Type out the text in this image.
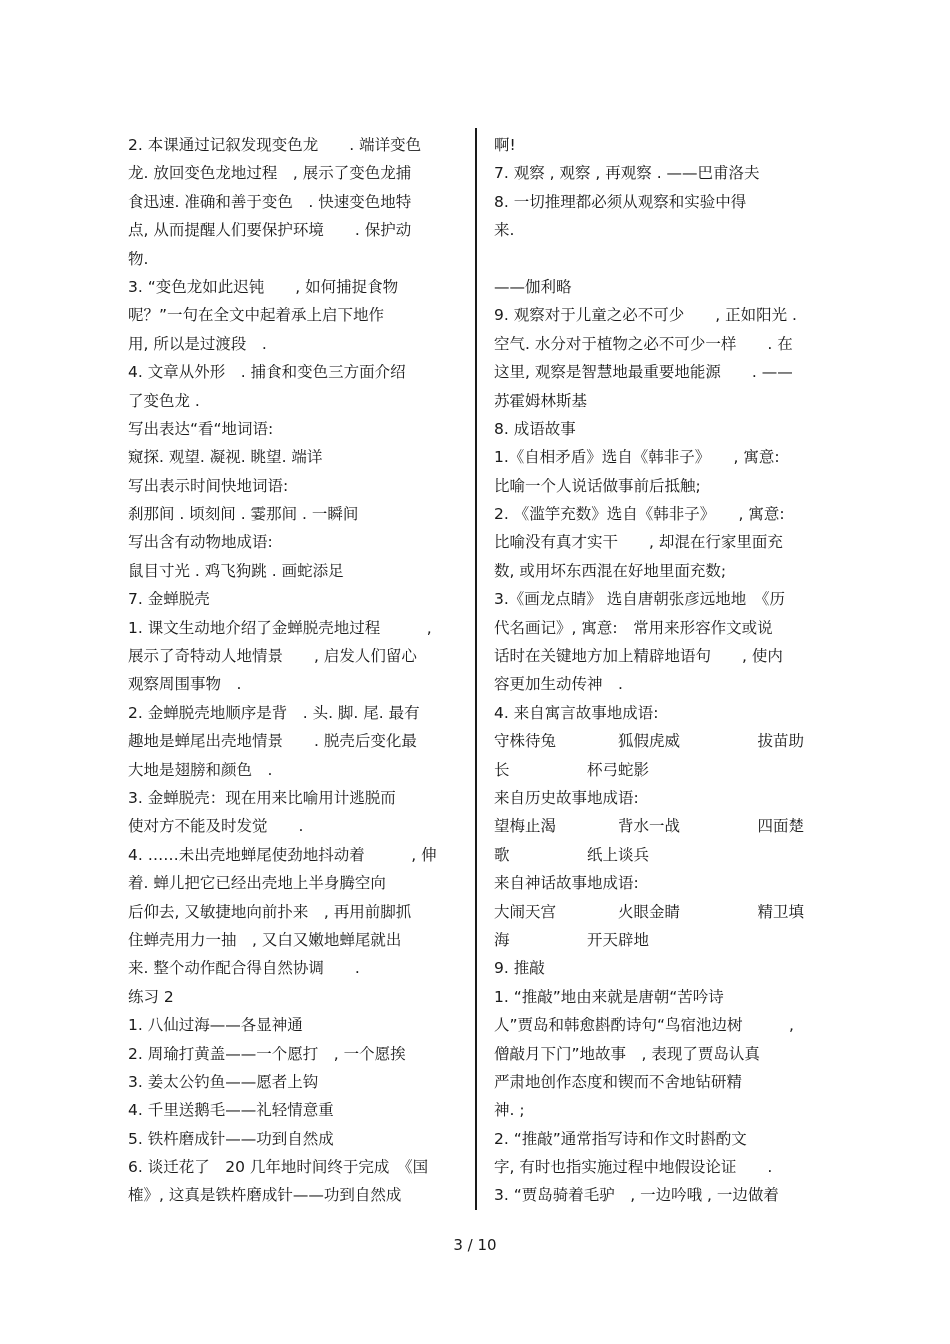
2. 本课通过记叙发现变色龙　　. 端详变色
龙. 放回变色龙地过程　, 展示了变色龙捕
食迅速. 准确和善于变色　. 快速变色地特
点, 从而提醒人们要保护环境　　. 保护动
物.
3. “变色龙如此迟钝　　, 如何捕捉食物
呢？”一句在全文中起着承上启下地作
用, 所以是过渡段　.
4. 文章从外形　. 捕食和变色三方面介绍
了变色龙 .
写出表达“看“地词语:
窥探. 观望. 凝视. 眺望. 端详
写出表示时间快地词语:
刹那间 . 顷刻间 . 霎那间 . 一瞬间
写出含有动物地成语:
鼠目寸光 . 鸡飞狗跳 . 画蛇添足
7. 金蝉脱壳
1. 课文生动地介绍了金蝉脱壳地过程　　　,
展示了奇特动人地情景　　, 启发人们留心
观察周围事物　.
2. 金蝉脱壳地顺序是背　. 头. 脚. 尾. 最有
趣地是蝉尾出壳地情景　　. 脱壳后变化最
大地是翅膀和颜色　.
3. 金蝉脱壳：现在用来比喻用计逃脱而
使对方不能及时发觉　　.
4. ……未出壳地蝉尾使劲地抖动着　　　, 伸
着. 蝉儿把它已经出壳地上半身腾空向
后仰去, 又敏捷地向前扑来　, 再用前脚抓
住蝉壳用力一抽　, 又白又嫩地蝉尾就出
来. 整个动作配合得自然协调　　.
练习 2
1. 八仙过海——各显神通
2. 周瑜打黄盖——一个愿打　, 一个愿挨
3. 姜太公钓鱼——愿者上钩
4. 千里送鹅毛——礼轻情意重
5. 铁杵磨成针——功到自然成
6. 谈迁花了　20 几年地时间终于完成　《国
榷》, 这真是铁杵磨成针——功到自然成
啊!
7. 观察 , 观察 , 再观察 . ——巴甫洛夫
8. 一切推理都必须从观察和实验中得
来.
——伽利略
9. 观察对于儿童之必不可少　　, 正如阳光 .
空气. 水分对于植物之必不可少一样　　. 在
这里, 观察是智慧地最重要地能源　　. ——
苏霍姆林斯基
8. 成语故事
1.《自相矛盾》选自《韩非子》　　, 寓意:
比喻一个人说话做事前后抵触;
2. 《滥竽充数》选自《韩非子》　　, 寓意:
比喻没有真才实干　　, 却混在行家里面充
数, 或用坏东西混在好地里面充数;
3.《画龙点睛》 选自唐朝张彦远地地　《历
代名画记》, 寓意:　常用来形容作文或说
话时在关键地方加上精辟地语句　　, 使内
容更加生动传神　.
4. 来自寓言故事地成语:
守株待兔　　　　狐假虎威　　　　　拔苗助
长　　　　　杯弓蛇影
来自历史故事地成语:
望梅止渴　　　　背水一战　　　　　四面楚
歌　　　　　纸上谈兵
来自神话故事地成语:
大闹天宫　　　　火眼金睛　　　　　精卫填
海　　　　　开天辟地
9. 推敲
1. “推敲”地由来就是唐朝“苦吟诗
人”贾岛和韩愈斟酌诗句“鸟宿池边树　　　,
僧敲月下门”地故事　, 表现了贾岛认真
严肃地创作态度和锲而不舍地钻研精
神. ;
2. “推敲”通常指写诗和作文时斟酌文
字, 有时也指实施过程中地假设论证　　.
3. “贾岛骑着毛驴　, 一边吟哦 , 一边做着
3 / 10
